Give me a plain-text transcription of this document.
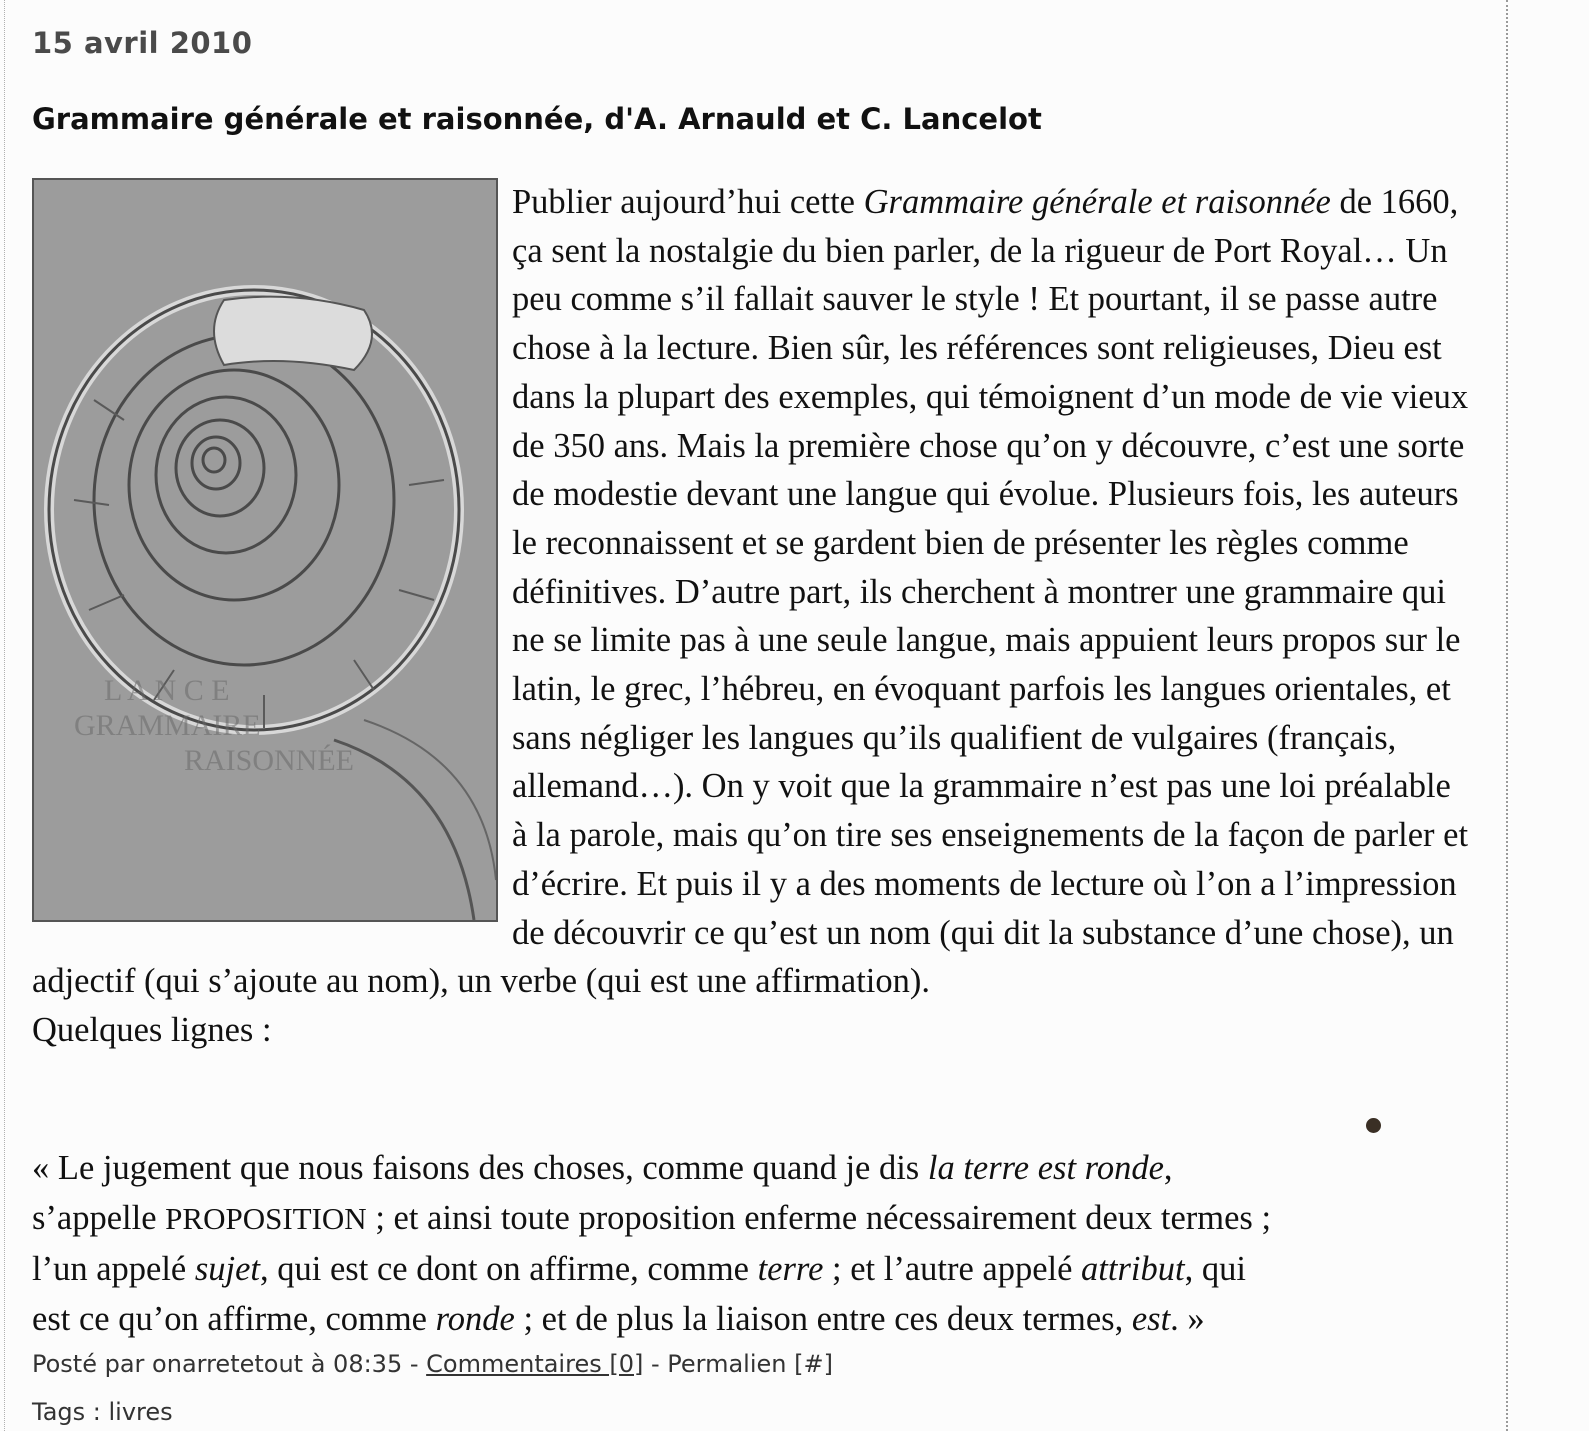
15 avril 2010
Grammaire générale et raisonnée, d'A. Arnauld et C. Lancelot
L A N C E
GRAMMAIRE
RAISONNÉE

Publier aujourd’hui cette Grammaire générale et raisonnée de 1660, ça sent la nostalgie du bien parler, de la rigueur de Port Royal… Un peu comme s’il fallait sauver le style ! Et pourtant, il se passe autre chose à la lecture. Bien sûr, les références sont religieuses, Dieu est dans la plupart des exemples, qui témoignent d’un mode de vie vieux de 350 ans. Mais la première chose qu’on y découvre, c’est une sorte de modestie devant une langue qui évolue. Plusieurs fois, les auteurs le reconnaissent et se gardent bien de présenter les règles comme définitives. D’autre part, ils cherchent à montrer une grammaire qui ne se limite pas à une seule langue, mais appuient leurs propos sur le latin, le grec, l’hébreu, en évoquant parfois les langues orientales, et sans négliger les langues qu’ils qualifient de vulgaires (français, allemand…). On y voit que la grammaire n’est pas une loi préalable à la parole, mais qu’on tire ses enseignements de la façon de parler et d’écrire. Et puis il y a des moments de lecture où l’on a l’impression de découvrir ce qu’est un nom (qui dit la substance d’une chose), un adjectif (qui s’ajoute au nom), un verbe (qui est une affirmation).

Quelques lignes :

« Le jugement que nous faisons des choses, comme quand je dis la terre est ronde,
s’appelle PROPOSITION ; et ainsi toute proposition enferme nécessairement deux termes ;
l’un appelé sujet, qui est ce dont on affirme, comme terre ; et l’autre appelé attribut, qui
est ce qu’on affirme, comme ronde ; et de plus la liaison entre ces deux termes, est. »
Posté par onarretetout à 08:35 - Commentaires [0] - Permalien [#]
Tags : livres
